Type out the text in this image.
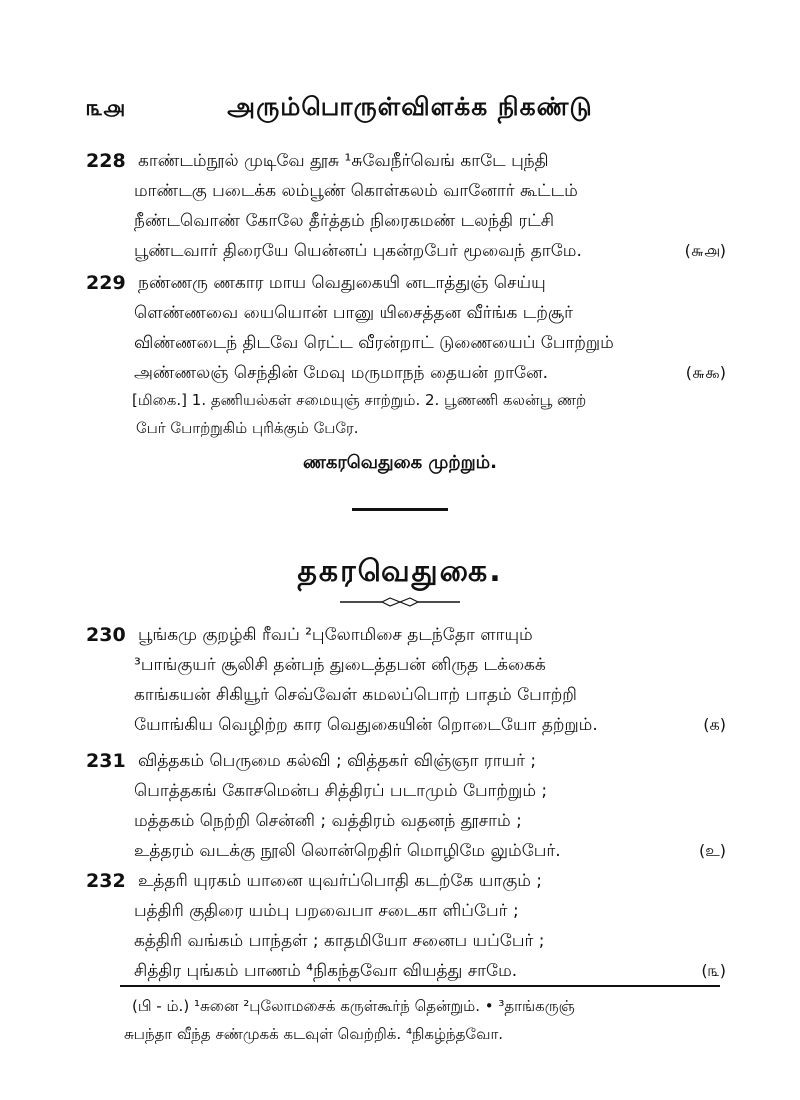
௩௮	அரும்பொருள்விளக்க நிகண்டு
228 காண்டம்நூல் முடிவே தூசு ¹சுவேநீர்வெங் காடே புந்தி
மாண்டகு படைக்க லம்பூண் கொள்கலம் வானோர் கூட்டம்
நீண்டவொண் கோலே தீர்த்தம் நிரைகமண் டலந்தி ரட்சி
பூண்டவார் திரையே யென்னப் புகன்றபேர் மூவைந் தாமே.	(௬௮)
229 நண்ணரு ணகார மாய வெதுகையி னடாத்துஞ் செய்யு
ளெண்ணவை யையொன் பானு யிசைத்தன வீர்ங்க டற்சூர்
விண்ணடைந் திடவே ரெட்ட வீரன்றாட் டுணையைப் போற்றும்
அண்ணலஞ் செந்தின் மேவு மருமாநந் தையன் றானே.	(௬௯)
[மிகை.] 1. தணியல்கள் சமையுஞ் சாற்றும். 2. பூணணி கலன்பூ ணற்
பேர் போற்றுகிம் புரிக்கும் பேரே.
ணகரவெதுகை முற்றும்.
தகரவெதுகை.
230 பூங்கமு குறழ்கி ரீவப் ²புலோமிசை தடந்தோ ளாயும்
³பாங்குயர் சூலிசி தன்பந் துடைத்தபன் னிருத டக்கைக்
காங்கயன் சிகியூர் செவ்வேள் கமலப்பொற் பாதம் போற்றி
யோங்கிய வெழிற்ற கார வெதுகையின் றொடையோ தற்றும்.	(க)
231 வித்தகம் பெருமை கல்வி ; வித்தகர் விஞ்ஞா ராயர் ;
பொத்தகங் கோசமென்ப சித்திரப் படாமும் போற்றும் ;
மத்தகம் நெற்றி சென்னி ; வத்திரம் வதனந் தூசாம் ;
உத்தரம் வடக்கு நூலி லொன்றெதிர் மொழிமே லும்பேர்.	(உ)
232 உத்தரி யுரகம் யானை யுவர்ப்பொதி கடற்கே யாகும் ;
பத்திரி குதிரை யம்பு பறவைபா சடைகா ளிப்பேர் ;
கத்திரி வங்கம் பாந்தள் ; காதமியோ சனைப யப்பேர் ;
சித்திர புங்கம் பாணம் ⁴நிகந்தவோ வியத்து சாமே.	(௩)
(பி - ம்.) ¹சுனை ²புலோமசைக் கருள்கூர்ந் தென்றும். • ³தாங்கருஞ்
சுபந்தா வீந்த சண்முகக் கடவுள் வெற்றிக். ⁴நிகழ்ந்தவோ.
